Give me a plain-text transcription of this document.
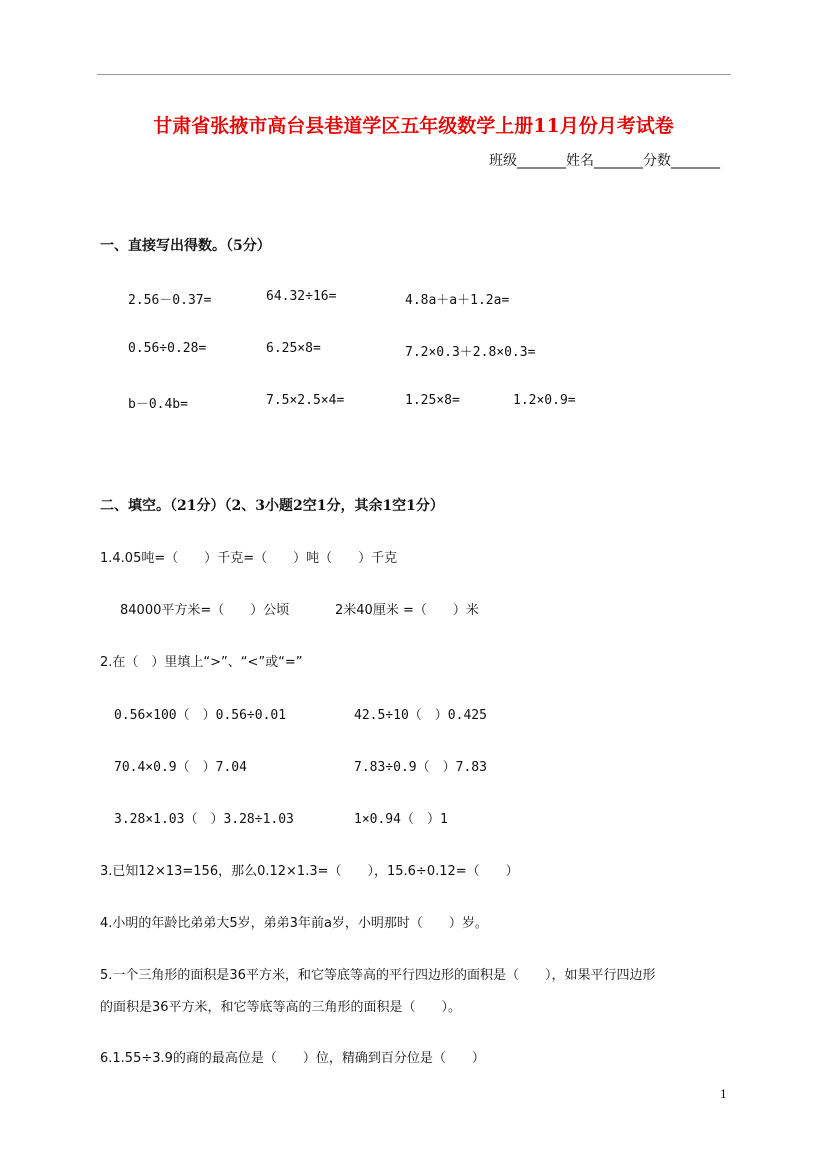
甘肃省张掖市高台县巷道学区五年级数学上册11月份月考试卷
班级_______姓名_______分数_______
一、直接写出得数。（5分）
2.56－0.37=	64.32÷16=	4.8a＋a＋1.2a=
0.56÷0.28=	6.25×8=	7.2×0.3＋2.8×0.3=
b－0.4b=	7.5×2.5×4=	1.25×8=	1.2×0.9=
二、填空。（21分）（2、3小题2空1分，其余1空1分）
1.4.05吨=（　　）千克=（　　）吨（　　）千克
84000平方米=（　　）公顷	2米40厘米 =（　　）米
2.在（　）里填上“>”、“<”或“=”
0.56×100（　）0.56÷0.01	42.5÷10（　）0.425
70.4×0.9（　）7.04	7.83÷0.9（　）7.83
3.28×1.03（　）3.28÷1.03	1×0.94（　）1
3.已知12×13=156，那么0.12×1.3=（　　），15.6÷0.12=（　　）
4.小明的年龄比弟弟大5岁，弟弟3年前a岁，小明那时（　　）岁。
5.一个三角形的面积是36平方米，和它等底等高的平行四边形的面积是（　　），如果平行四边形
的面积是36平方米，和它等底等高的三角形的面积是（　　）。
6.1.55÷3.9的商的最高位是（　　）位，精确到百分位是（　　）
1
